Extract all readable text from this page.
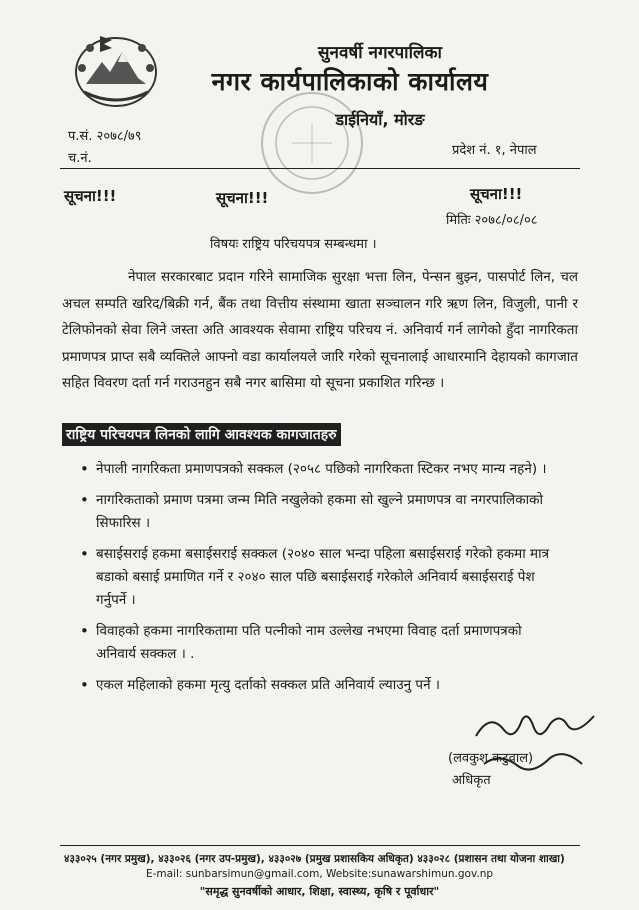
सुनवर्षी नगरपालिका
नगर कार्यपालिकाको कार्यालय
डाईनियाँ, मोरङ
प.सं. २०७८/७९
च.नं.
प्रदेश नं. १, नेपाल
सूचना!!!	सूचना!!!	सूचना!!!
मितिः २०७८/०८/०८
विषयः राष्ट्रिय परिचयपत्र सम्बन्धमा ।
नेपाल सरकारबाट प्रदान गरिने सामाजिक सुरक्षा भत्ता लिन, पेन्सन बुझ्न, पासपोर्ट लिन, चल अचल सम्पति खरिद/बिक्री गर्न, बैंक तथा वित्तीय संस्थामा खाता सञ्चालन गरि ऋण लिन, विजुली, पानी र टेलिफोनको सेवा लिने जस्ता अति आवश्यक सेवामा राष्ट्रिय परिचय नं. अनिवार्य गर्न लागेको हुँदा नागरिकता प्रमाणपत्र प्राप्त सबै व्यक्तिले आफ्नो वडा कार्यालयले जारि गरेको सूचनालाई आधारमानि देहायको कागजात सहित विवरण दर्ता गर्न गराउनहुन सबै नगर बासिमा यो सूचना प्रकाशित गरिन्छ ।
राष्ट्रिय परिचयपत्र लिनको लागि आवश्यक कागजातहरु
• नेपाली नागरिकता प्रमाणपत्रको सक्कल (२०५८ पछिको नागरिकता स्टिकर नभए मान्य नहने) ।
• नागरिकताको प्रमाण पत्रमा जन्म मिति नखुलेको हकमा सो खुल्ने प्रमाणपत्र वा नगरपालिकाको सिफारिस ।
• बसाईसराई हकमा बसाईसराई सक्कल (२०४० साल भन्दा पहिला बसाईसराई गरेको हकमा मात्र बडाको बसाई प्रमाणित गर्ने र २०४० साल पछि बसाईसराई गरेकोले अनिवार्य बसाईसराई पेश गर्नुपर्ने ।
• विवाहको हकमा नागरिकतामा पति पत्नीको नाम उल्लेख नभएमा विवाह दर्ता प्रमाणपत्रको अनिवार्य सक्कल । .
• एकल महिलाको हकमा मृत्यु दर्ताको सक्कल प्रति अनिवार्य ल्याउनु पर्ने ।
(लवकुश कटुवाल)
अधिकृत
४३३०२५ (नगर प्रमुख), ४३३०२६ (नगर उप-प्रमुख), ४३३०२७ (प्रमुख प्रशासकिय अधिकृत) ४३३०२८ (प्रशासन तथा योजना शाखा)
E-mail: sunbarsimun@gmail.com, Website:sunawarshimun.gov.np
"समृद्ध सुनवर्षीको आधार, शिक्षा, स्वास्थ्य, कृषि र पूर्वाधार"
